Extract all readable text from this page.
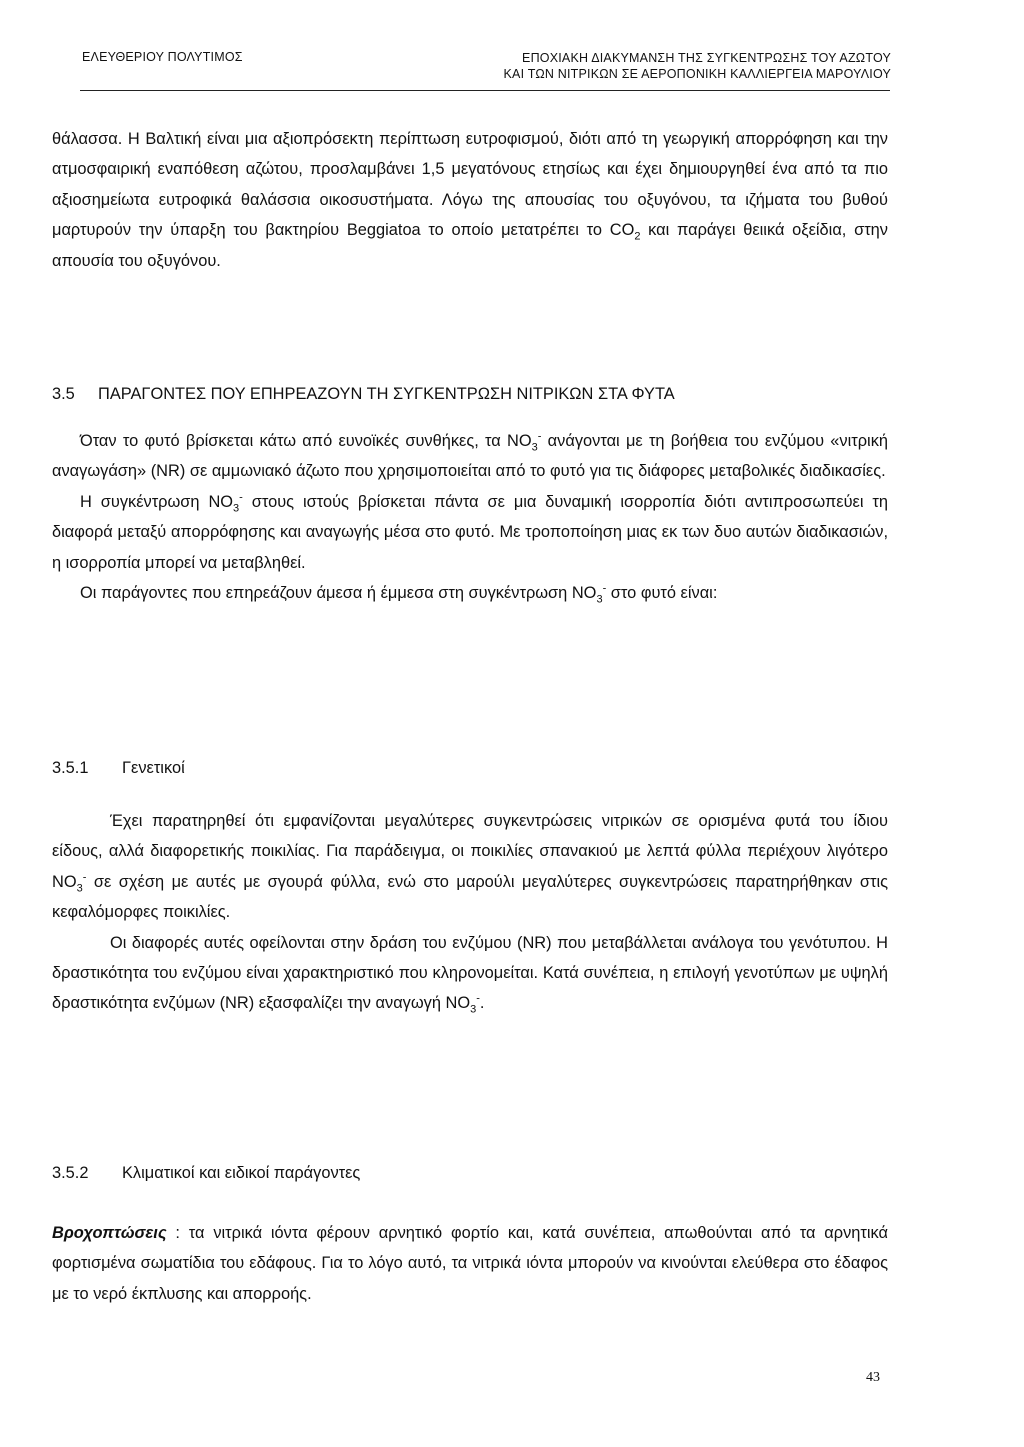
ΕΛΕΥΘΕΡΙΟΥ ΠΟΛΥΤΙΜΟΣ	ΕΠΟΧΙΑΚΗ ΔΙΑΚΥΜΑΝΣΗ ΤΗΣ ΣΥΓΚΕΝΤΡΩΣΗΣ ΤΟΥ ΑΖΩΤΟΥ
ΚΑΙ ΤΩΝ ΝΙΤΡΙΚΩΝ ΣΕ ΑΕΡΟΠΟΝΙΚΗ ΚΑΛΛΙΕΡΓΕΙΑ ΜΑΡΟΥΛΙΟΥ

θάλασσα. Η Βαλτική είναι μια αξιοπρόσεκτη περίπτωση ευτροφισμού, διότι από τη γεωργική απορρόφηση και την ατμοσφαιρική εναπόθεση αζώτου, προσλαμβάνει 1,5 μεγατόνους ετησίως και έχει δημιουργηθεί ένα από τα πιο αξιοσημείωτα ευτροφικά θαλάσσια οικοσυστήματα. Λόγω της απουσίας του οξυγόνου, τα ιζήματα του βυθού μαρτυρούν την ύπαρξη του βακτηρίου Beggiatoa το οποίο μετατρέπει το $CO_2$ και παράγει θειικά οξείδια, στην απουσία του οξυγόνου.

3.5 ΠΑΡΑΓΟΝΤΕΣ ΠΟΥ ΕΠΗΡΕΑΖΟΥΝ ΤΗ ΣΥΓΚΕΝΤΡΩΣΗ ΝΙΤΡΙΚΩΝ ΣΤΑ ΦΥΤΑ

Όταν το φυτό βρίσκεται κάτω από ευνοϊκές συνθήκες, τα $NO_3^-$ ανάγονται με τη βοήθεια του ενζύμου «νιτρική αναγωγάση» (NR) σε αμμωνιακό άζωτο που χρησιμοποιείται από το φυτό για τις διάφορες μεταβολικές διαδικασίες.

Η συγκέντρωση $NO_3^-$ στους ιστούς βρίσκεται πάντα σε μια δυναμική ισορροπία διότι αντιπροσωπεύει τη διαφορά μεταξύ απορρόφησης και αναγωγής μέσα στο φυτό. Με τροποποίηση μιας εκ των δυο αυτών διαδικασιών, η ισορροπία μπορεί να μεταβληθεί.

Οι παράγοντες που επηρεάζουν άμεσα ή έμμεσα στη συγκέντρωση $NO_3^-$ στο φυτό είναι:

3.5.1 Γενετικοί

Έχει παρατηρηθεί ότι εμφανίζονται μεγαλύτερες συγκεντρώσεις νιτρικών σε ορισμένα φυτά του ίδιου είδους, αλλά διαφορετικής ποικιλίας. Για παράδειγμα, οι ποικιλίες σπανακιού με λεπτά φύλλα περιέχουν λιγότερο $NO_3^-$ σε σχέση με αυτές με σγουρά φύλλα, ενώ στο μαρούλι μεγαλύτερες συγκεντρώσεις παρατηρήθηκαν στις κεφαλόμορφες ποικιλίες.

Οι διαφορές αυτές οφείλονται στην δράση του ενζύμου (NR) που μεταβάλλεται ανάλογα του γενότυπου. Η δραστικότητα του ενζύμου είναι χαρακτηριστικό που κληρονομείται. Κατά συνέπεια, η επιλογή γενοτύπων με υψηλή δραστικότητα ενζύμων (NR) εξασφαλίζει την αναγωγή $NO_3^-$.

3.5.2 Κλιματικοί και ειδικοί παράγοντες

Βροχοπτώσεις : τα νιτρικά ιόντα φέρουν αρνητικό φορτίο και, κατά συνέπεια, απωθούνται από τα αρνητικά φορτισμένα σωματίδια του εδάφους. Για το λόγο αυτό, τα νιτρικά ιόντα μπορούν να κινούνται ελεύθερα στο έδαφος με το νερό έκπλυσης και απορροής.

43
